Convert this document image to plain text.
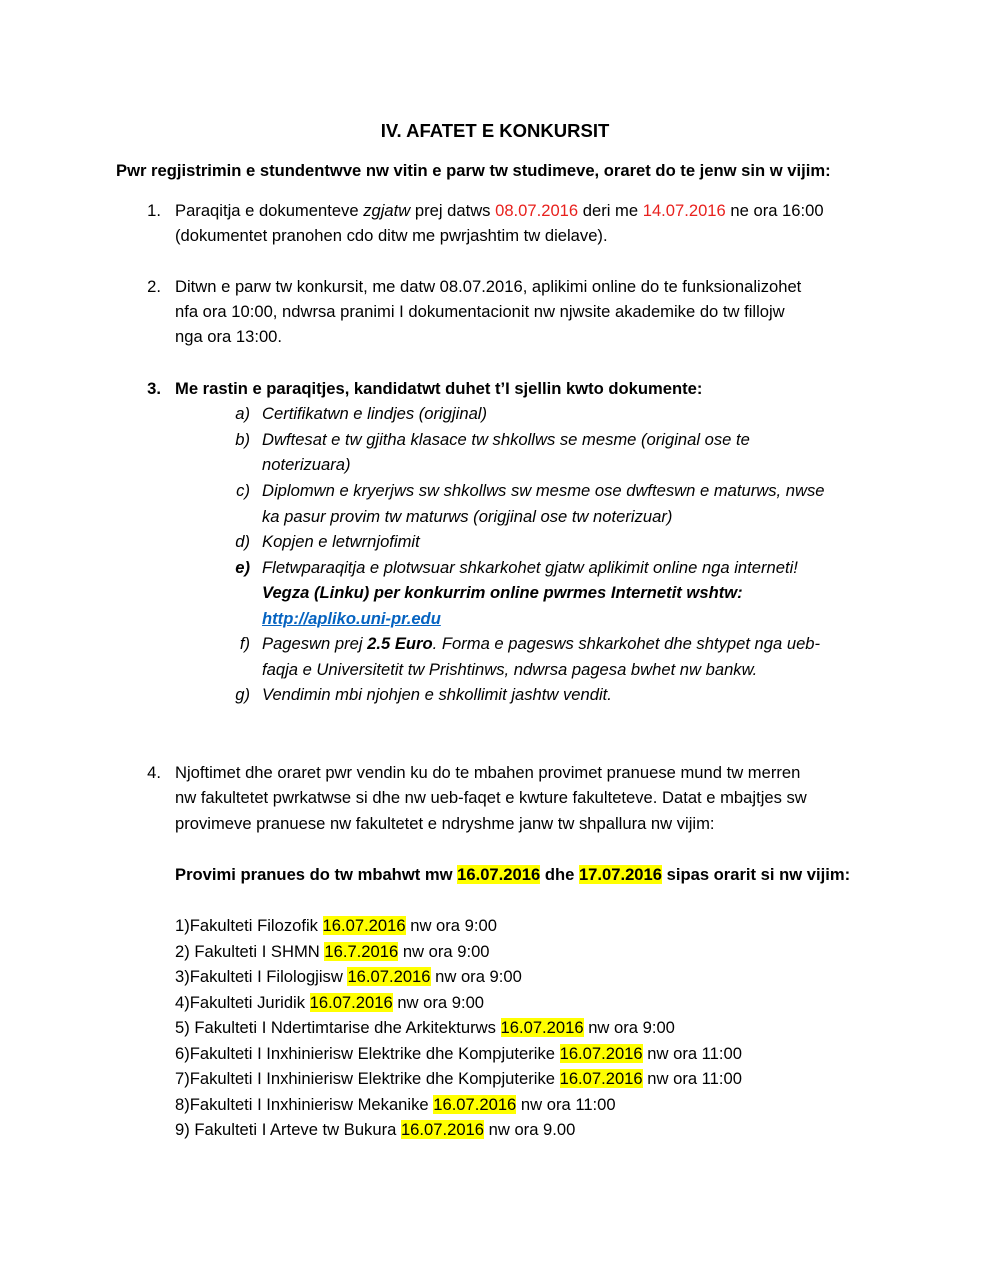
IV. AFATET E KONKURSIT
Pwr regjistrimin e stundentwve nw vitin e parw tw studimeve, oraret do te jenw sin w vijim:
1. Paraqitja e dokumenteve zgjatw prej datws 08.07.2016 deri me 14.07.2016 ne ora 16:00
(dokumentet pranohen cdo ditw me pwrjashtim tw dielave).
2. Ditwn e parw tw konkursit, me datw 08.07.2016, aplikimi online do te funksionalizohet
nfa ora 10:00, ndwrsa pranimi I dokumentacionit nw njwsite akademike do tw fillojw
nga ora 13:00.
3. Me rastin e paraqitjes, kandidatwt duhet t’I sjellin kwto dokumente:
a) Certifikatwn e lindjes (origjinal)
b) Dwftesat e tw gjitha klasace tw shkollws se mesme (original ose te
noterizuara)
c) Diplomwn e kryerjws sw shkollws sw mesme ose dwfteswn e maturws, nwse
ka pasur provim tw maturws (origjinal ose tw noterizuar)
d) Kopjen e letwrnjofimit
e) Fletwparaqitja e plotwsuar shkarkohet gjatw aplikimit online nga interneti!
Vegza (Linku) per konkurrim online pwrmes Internetit wshtw:
http://apliko.uni-pr.edu
f) Pageswn prej 2.5 Euro. Forma e pagesws shkarkohet dhe shtypet nga ueb-
faqja e Universitetit tw Prishtinws, ndwrsa pagesa bwhet nw bankw.
g) Vendimin mbi njohjen e shkollimit jashtw vendit.
4. Njoftimet dhe oraret pwr vendin ku do te mbahen provimet pranuese mund tw merren
nw fakultetet pwrkatwse si dhe nw ueb-faqet e kwture fakulteteve. Datat e mbajtjes sw
provimeve pranuese nw fakultetet e ndryshme janw tw shpallura nw vijim:
Provimi pranues do tw mbahwt mw 16.07.2016 dhe 17.07.2016 sipas orarit si nw vijim:
1)Fakulteti Filozofik 16.07.2016 nw ora 9:00
2) Fakulteti I SHMN 16.7.2016 nw ora 9:00
3)Fakulteti I Filologjisw 16.07.2016 nw ora 9:00
4)Fakulteti Juridik 16.07.2016 nw ora 9:00
5) Fakulteti I Ndertimtarise dhe Arkitekturws 16.07.2016 nw ora 9:00
6)Fakulteti I Inxhinierisw Elektrike dhe Kompjuterike 16.07.2016 nw ora 11:00
7)Fakulteti I Inxhinierisw Elektrike dhe Kompjuterike 16.07.2016 nw ora 11:00
8)Fakulteti I Inxhinierisw Mekanike 16.07.2016 nw ora 11:00
9) Fakulteti I Arteve tw Bukura 16.07.2016 nw ora 9.00
